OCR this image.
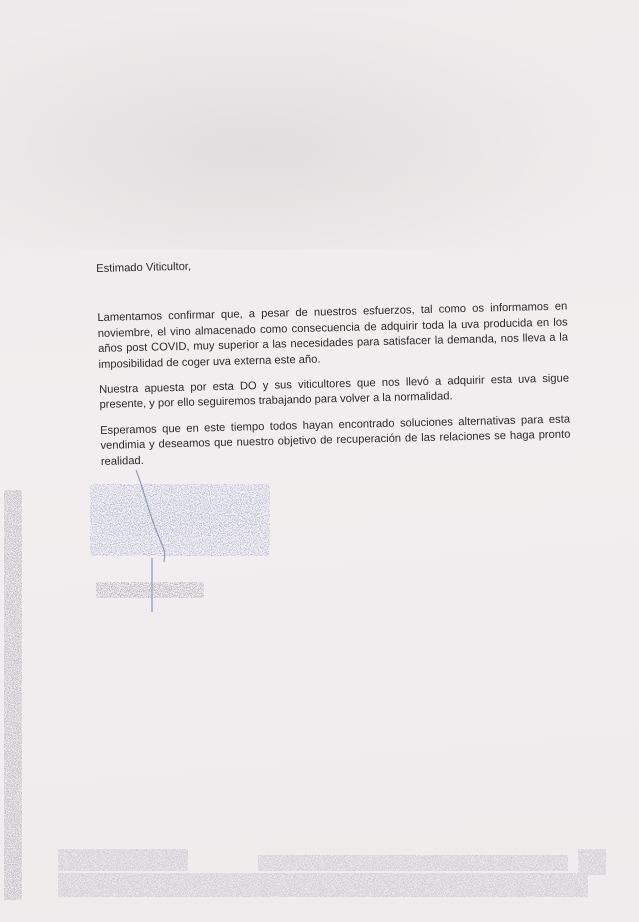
Estimado Viticultor,

Lamentamos confirmar que, a pesar de nuestros esfuerzos, tal como os informamos en noviembre, el vino almacenado como consecuencia de adquirir toda la uva producida en los años post COVID, muy superior a las necesidades para satisfacer la demanda, nos lleva a la imposibilidad de coger uva externa este año.

Nuestra apuesta por esta DO y sus viticultores que nos llevó a adquirir esta uva sigue presente, y por ello seguiremos trabajando para volver a la normalidad.

Esperamos que en este tiempo todos hayan encontrado soluciones alternativas para esta vendimia y deseamos que nuestro objetivo de recuperación de las relaciones se haga pronto realidad.
